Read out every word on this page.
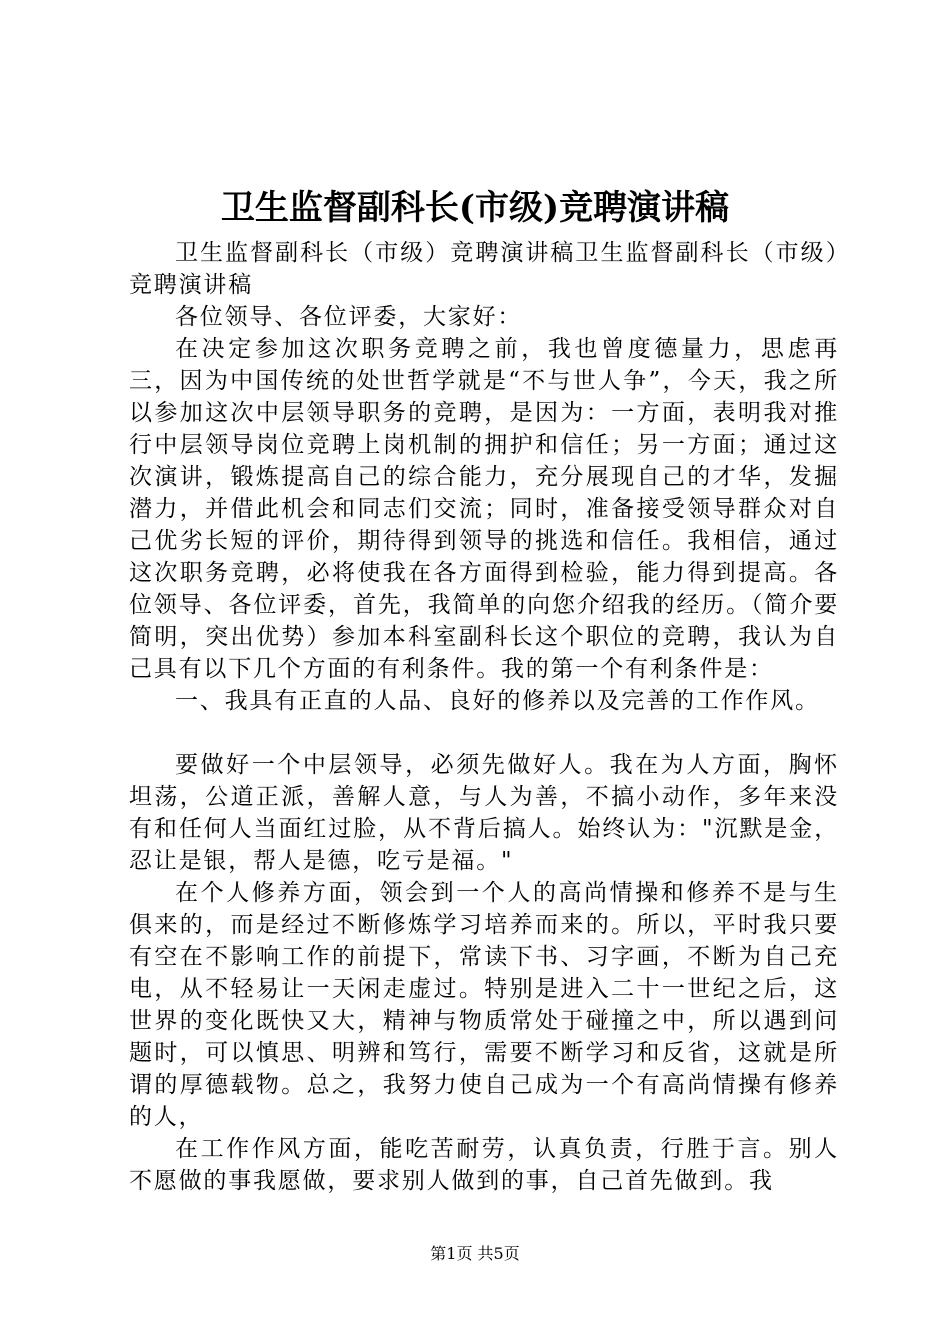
卫生监督副科长(市级)竞聘演讲稿

卫生监督副科长（市级）竞聘演讲稿卫生监督副科长（市级）竞聘演讲稿

各位领导、各位评委，大家好：

在决定参加这次职务竞聘之前，我也曾度德量力，思虑再三，因为中国传统的处世哲学就是“不与世人争”，今天，我之所以参加这次中层领导职务的竞聘，是因为：一方面，表明我对推行中层领导岗位竞聘上岗机制的拥护和信任；另一方面；通过这次演讲，锻炼提高自己的综合能力，充分展现自己的才华，发掘潜力，并借此机会和同志们交流；同时，准备接受领导群众对自己优劣长短的评价，期待得到领导的挑选和信任。我相信，通过这次职务竞聘，必将使我在各方面得到检验，能力得到提高。各位领导、各位评委，首先，我简单的向您介绍我的经历。（简介要简明，突出优势）参加本科室副科长这个职位的竞聘，我认为自己具有以下几个方面的有利条件。我的第一个有利条件是：

一、我具有正直的人品、良好的修养以及完善的工作作风。

要做好一个中层领导，必须先做好人。我在为人方面，胸怀坦荡，公道正派，善解人意，与人为善，不搞小动作，多年来没有和任何人当面红过脸，从不背后搞人。始终认为："沉默是金，忍让是银，帮人是德，吃亏是福。"

在个人修养方面，领会到一个人的高尚情操和修养不是与生俱来的，而是经过不断修炼学习培养而来的。所以，平时我只要有空在不影响工作的前提下，常读下书、习字画，不断为自己充电，从不轻易让一天闲走虚过。特别是进入二十一世纪之后，这世界的变化既快又大，精神与物质常处于碰撞之中，所以遇到问题时，可以慎思、明辨和笃行，需要不断学习和反省，这就是所谓的厚德载物。总之，我努力使自己成为一个有高尚情操有修养的人，

在工作作风方面，能吃苦耐劳，认真负责，行胜于言。别人不愿做的事我愿做，要求别人做到的事，自己首先做到。我

第1页 共5页
